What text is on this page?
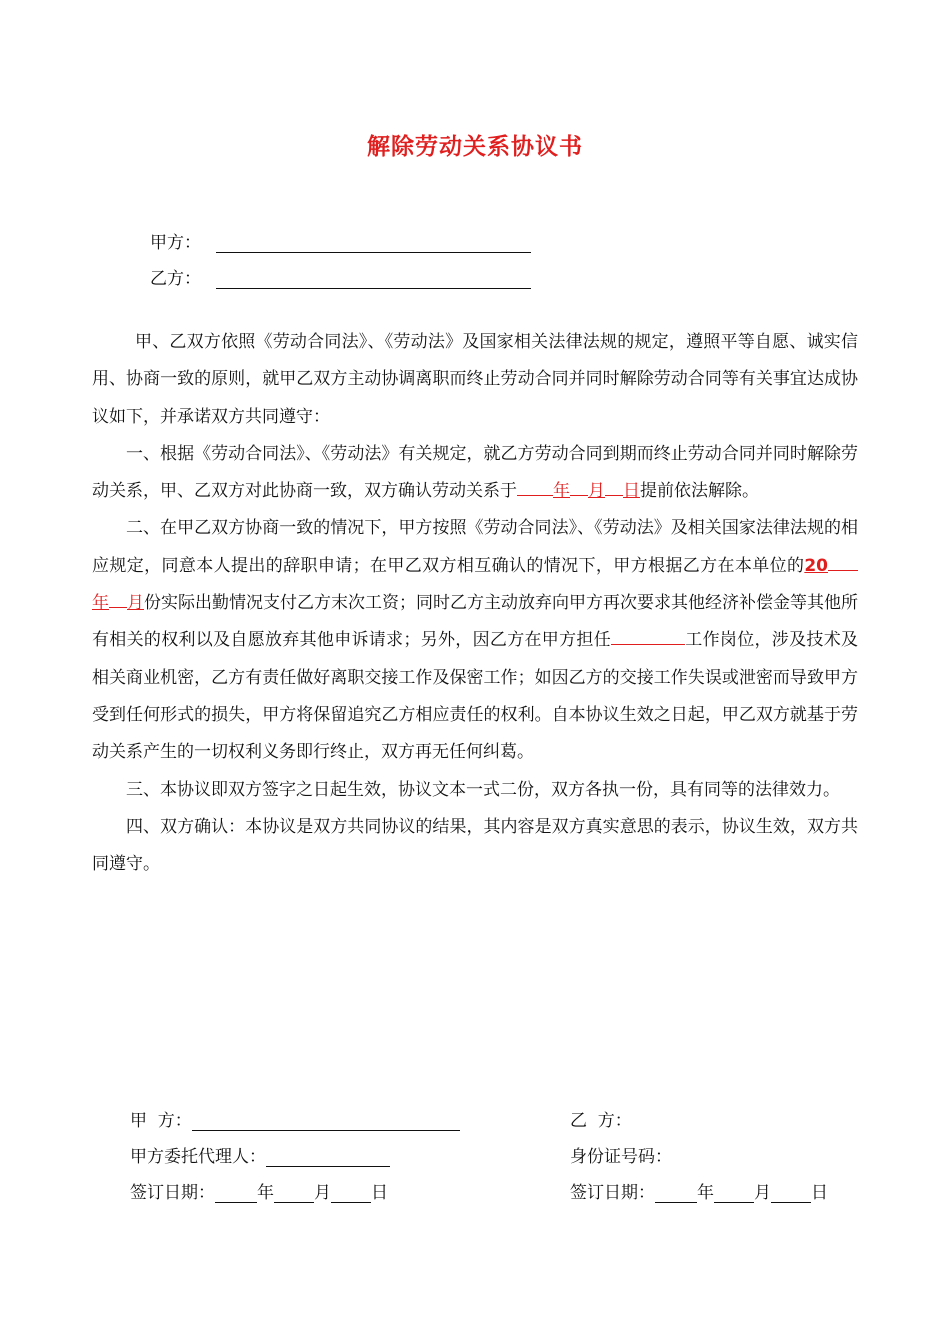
解除劳动关系协议书
甲方：
乙方：

甲、乙双方依照《劳动合同法》、《劳动法》及国家相关法律法规的规定，遵照平等自愿、诚实信用、协商一致的原则，就甲乙双方主动协调离职而终止劳动合同并同时解除劳动合同等有关事宜达成协议如下，并承诺双方共同遵守：

一、根据《劳动合同法》、《劳动法》有关规定，就乙方劳动合同到期而终止劳动合同并同时解除劳动关系，甲、乙双方对此协商一致，双方确认劳动关系于 年 月 日提前依法解除。

二、在甲乙双方协商一致的情况下，甲方按照《劳动合同法》、《劳动法》及相关国家法律法规的相应规定，同意本人提出的辞职申请；在甲乙双方相互确认的情况下，甲方根据乙方在本单位的20年 月份实际出勤情况支付乙方末次工资；同时乙方主动放弃向甲方再次要求其他经济补偿金等其他所有相关的权利以及自愿放弃其他申诉请求；另外，因乙方在甲方担任	工作岗位，涉及技术及相关商业机密，乙方有责任做好离职交接工作及保密工作；如因乙方的交接工作失误或泄密而导致甲方受到任何形式的损失，甲方将保留追究乙方相应责任的权利。自本协议生效之日起，甲乙双方就基于劳动关系产生的一切权利义务即行终止，双方再无任何纠葛。

三、本协议即双方签字之日起生效，协议文本一式二份，双方各执一份，具有同等的法律效力。

四、双方确认：本协议是双方共同协议的结果，其内容是双方真实意思的表示，协议生效，双方共同遵守。

甲  方：
甲方委托代理人：
签订日期： 年 月 日
乙  方：
身份证号码：
签订日期： 年 月 日
